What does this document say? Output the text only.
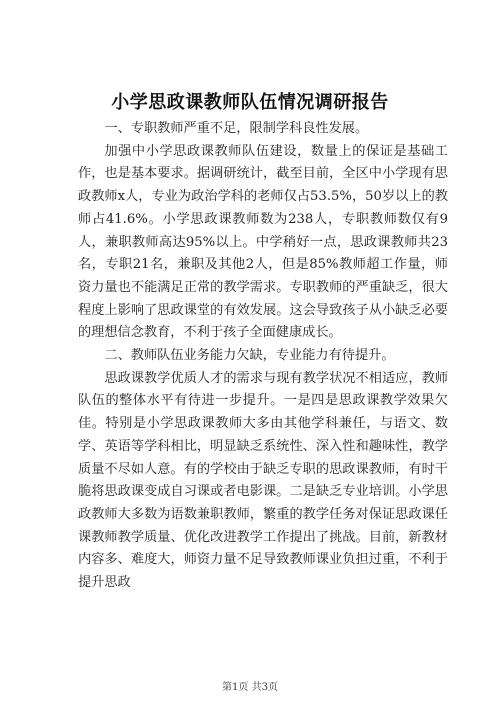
小学思政课教师队伍情况调研报告

一、专职教师严重不足，限制学科良性发展。

加强中小学思政课教师队伍建设，数量上的保证是基础工作，也是基本要求。据调研统计，截至目前，全区中小学现有思政教师x人，专业为政治学科的老师仅占53.5%，50岁以上的教师占41.6%。小学思政课教师数为238人，专职教师数仅有9人，兼职教师高达95%以上。中学稍好一点，思政课教师共23名，专职21名，兼职及其他2人，但是85%教师超工作量，师资力量也不能满足正常的教学需求。专职教师的严重缺乏，很大程度上影响了思政课堂的有效发展。这会导致孩子从小缺乏必要的理想信念教育，不利于孩子全面健康成长。

二、教师队伍业务能力欠缺，专业能力有待提升。

思政课教学优质人才的需求与现有教学状况不相适应，教师队伍的整体水平有待进一步提升。一是四是思政课教学效果欠佳。特别是小学思政课教师大多由其他学科兼任，与语文、数学、英语等学科相比，明显缺乏系统性、深入性和趣味性，教学质量不尽如人意。有的学校由于缺乏专职的思政课教师，有时干脆将思政课变成自习课或者电影课。二是缺乏专业培训。小学思政教师大多数为语数兼职教师，繁重的教学任务对保证思政课任课教师教学质量、优化改进教学工作提出了挑战。目前，新教材内容多、难度大，师资力量不足导致教师课业负担过重，不利于提升思政

第1页 共3页
